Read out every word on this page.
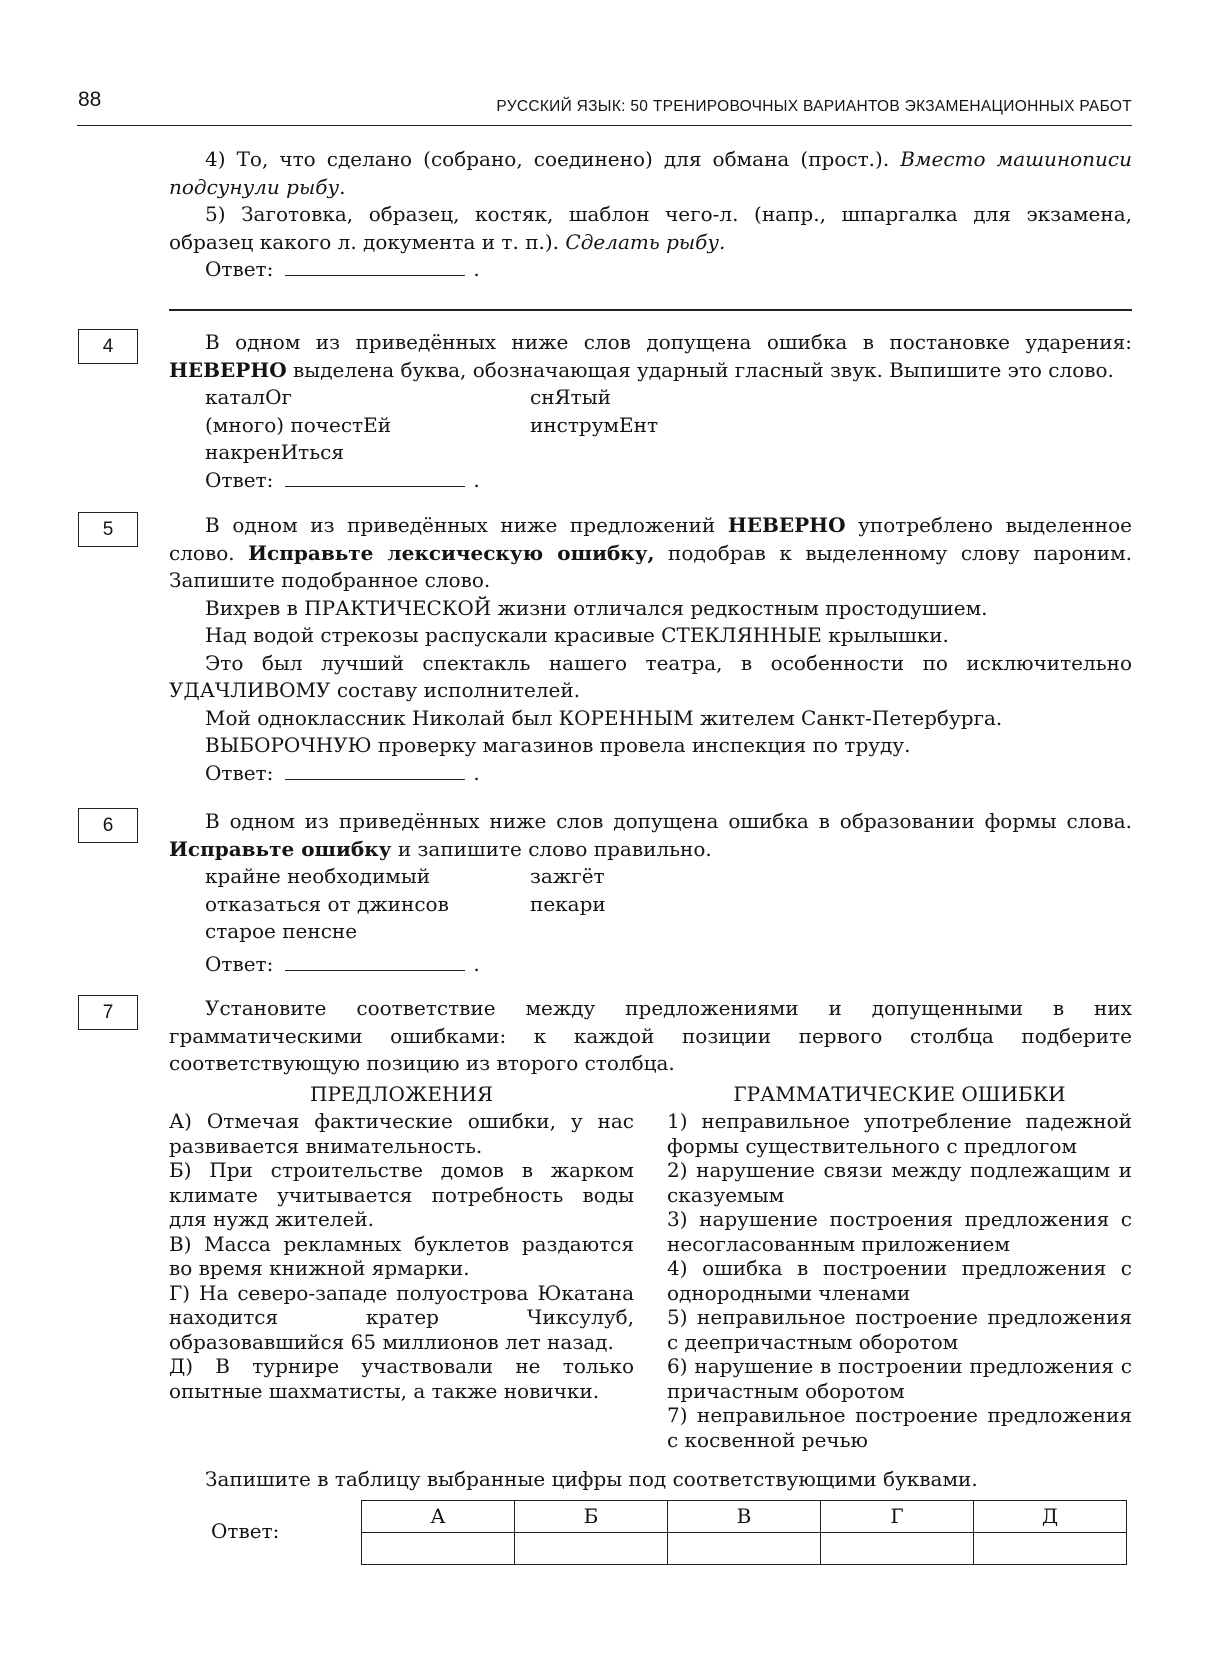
88	РУССКИЙ ЯЗЫК: 50 ТРЕНИРОВОЧНЫХ ВАРИАНТОВ ЭКЗАМЕНАЦИОННЫХ РАБОТ

4) То, что сделано (собрано, соединено) для обмана (прост.). Вместо машинописи подсунули рыбу.

5) Заготовка, образец, костяк, шаблон чего-л. (напр., шпаргалка для экзамена, образец какого л. документа и т. п.). Сделать рыбу.

Ответ:	.
4	В одном из приведённых ниже слов допущена ошибка в постановке ударения: НЕВЕРНО выделена буква, обозначающая ударный гласный звук. Выпишите это слово.

каталОг
(много) почестЕй
накренИться
снЯтый
инструмЕнт
Ответ:	.
5	В одном из приведённых ниже предложений НЕВЕРНО употреблено выделенное слово. Исправьте лексическую ошибку, подобрав к выделенному слову пароним. Запишите подобранное слово.

Вихрев в ПРАКТИЧЕСКОЙ жизни отличался редкостным простодушием.

Над водой стрекозы распускали красивые СТЕКЛЯННЫЕ крылышки.

Это был лучший спектакль нашего театра, в особенности по исключительно УДАЧЛИВОМУ составу исполнителей.

Мой одноклассник Николай был КОРЕННЫМ жителем Санкт-Петербурга.

ВЫБОРОЧНУЮ проверку магазинов провела инспекция по труду.

Ответ:	.
6	В одном из приведённых ниже слов допущена ошибка в образовании формы слова. Исправьте ошибку и запишите слово правильно.

крайне необходимый
отказаться от джинсов
старое пенсне
зажгёт
пекари
Ответ:	.
7	Установите соответствие между предложениями и допущенными в них грамматическими ошибками: к каждой позиции первого столбца подберите соответствующую позицию из второго столбца.

ПРЕДЛОЖЕНИЯ
А) Отмечая фактические ошибки, у нас развивается внимательность.
Б) При строительстве домов в жарком климате учитывается потребность воды для нужд жителей.
В) Масса рекламных буклетов раздаются во время книжной ярмарки.
Г) На северо-западе полуострова Юкатана находится кратер Чиксулуб, образовавшийся 65 миллионов лет назад.
Д) В турнире участвовали не только опытные шахматисты, а также новички.
ГРАММАТИЧЕСКИЕ ОШИБКИ
1) неправильное употребление падежной формы существительного с предлогом
2) нарушение связи между подлежащим и сказуемым
3) нарушение построения предложения с несогласованным приложением
4) ошибка в построении предложения с однородными членами
5) неправильное построение предложения с деепричастным оборотом
6) нарушение в построении предложения с причастным оборотом
7) неправильное построение предложения с косвенной речью
Запишите в таблицу выбранные цифры под соответствующими буквами.
Ответ:
А	Б	В	Г	Д
